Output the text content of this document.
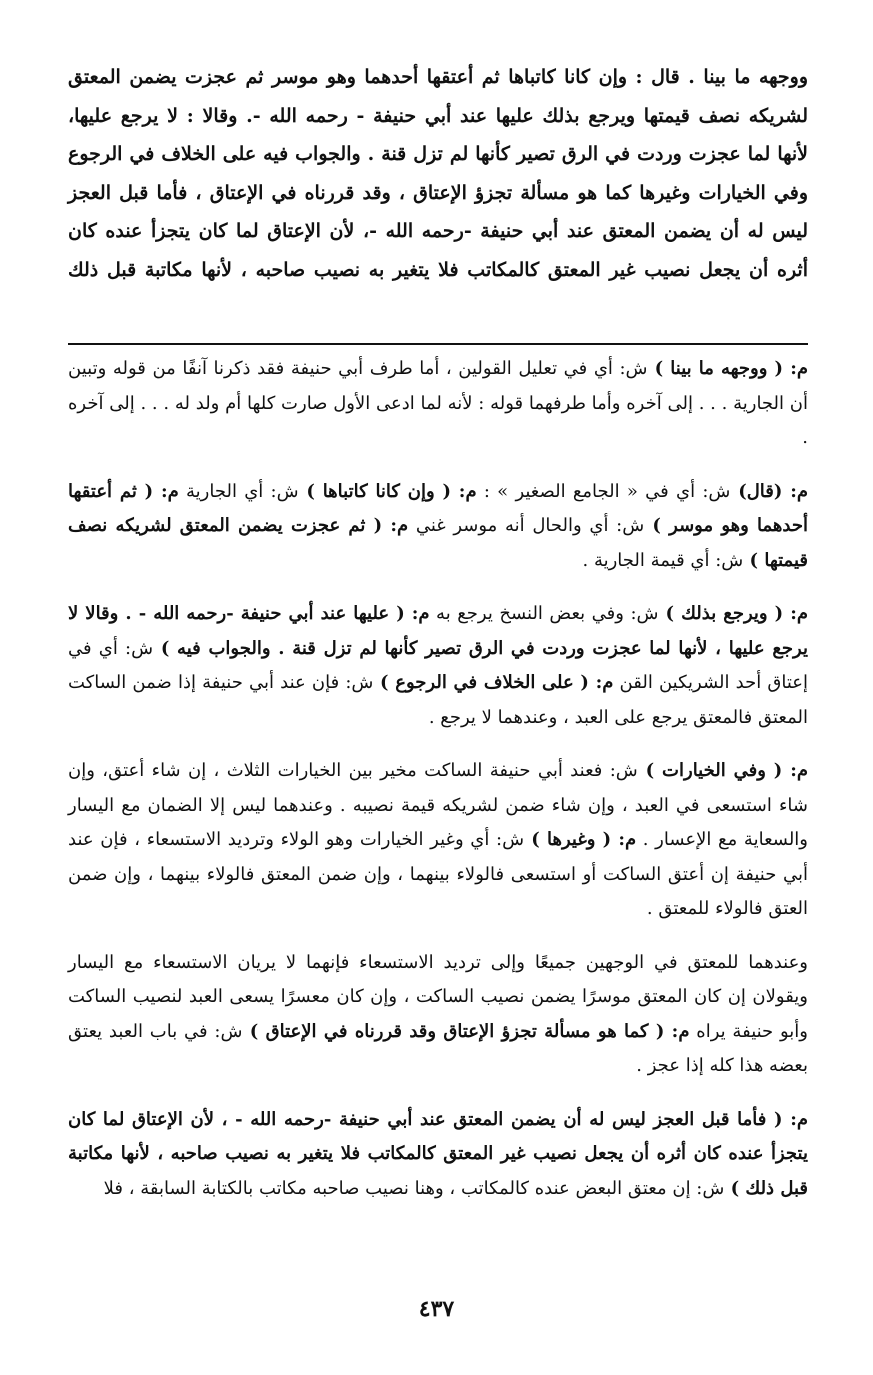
ووجهه ما بينا . قال : وإن كانا كاتباها ثم أعتقها أحدهما وهو موسر ثم عجزت يضمن المعتق لشريكه نصف قيمتها ويرجع بذلك عليها عند أبي حنيفة - رحمه الله -. وقالا : لا يرجع عليها، لأنها لما عجزت وردت في الرق تصير كأنها لم تزل قنة . والجواب فيه على الخلاف في الرجوع وفي الخيارات وغيرها كما هو مسألة تجزؤ الإعتاق ، وقد قررناه في الإعتاق ، فأما قبل العجز ليس له أن يضمن المعتق عند أبي حنيفة -رحمه الله -، لأن الإعتاق لما كان يتجزأ عنده كان أثره أن يجعل نصيب غير المعتق كالمكاتب فلا يتغير به نصيب صاحبه ، لأنها مكاتبة قبل ذلك

م: ( ووجهه ما بينا ) ش: أي في تعليل القولين ، أما طرف أبي حنيفة فقد ذكرنا آنفًا من قوله وتبين أن الجارية . . . إلى آخره وأما طرفهما قوله : لأنه لما ادعى الأول صارت كلها أم ولد له . . . إلى آخره .

م: (قال) ش: أي في « الجامع الصغير » : م: ( وإن كانا كاتباها ) ش: أي الجارية م: ( ثم أعتقها أحدهما وهو موسر ) ش: أي والحال أنه موسر غني م: ( ثم عجزت يضمن المعتق لشريكه نصف قيمتها ) ش: أي قيمة الجارية .

م: ( ويرجع بذلك ) ش: وفي بعض النسخ يرجع به م: ( عليها عند أبي حنيفة -رحمه الله - . وقالا لا يرجع عليها ، لأنها لما عجزت وردت في الرق تصير كأنها لم تزل قنة . والجواب فيه ) ش: أي في إعتاق أحد الشريكين القن م: ( على الخلاف في الرجوع ) ش: فإن عند أبي حنيفة إذا ضمن الساكت المعتق فالمعتق يرجع على العبد ، وعندهما لا يرجع .

م: ( وفي الخيارات ) ش: فعند أبي حنيفة الساكت مخير بين الخيارات الثلاث ، إن شاء أعتق، وإن شاء استسعى في العبد ، وإن شاء ضمن لشريكه قيمة نصيبه . وعندهما ليس إلا الضمان مع اليسار والسعاية مع الإعسار . م: ( وغيرها ) ش: أي وغير الخيارات وهو الولاء وترديد الاستسعاء ، فإن عند أبي حنيفة إن أعتق الساكت أو استسعى فالولاء بينهما ، وإن ضمن المعتق فالولاء بينهما ، وإن ضمن العتق فالولاء للمعتق .

وعندهما للمعتق في الوجهين جميعًا وإلى ترديد الاستسعاء فإنهما لا يريان الاستسعاء مع اليسار ويقولان إن كان المعتق موسرًا يضمن نصيب الساكت ، وإن كان معسرًا يسعى العبد لنصيب الساكت وأبو حنيفة يراه م: ( كما هو مسألة تجزؤ الإعتاق وقد قررناه في الإعتاق ) ش: في باب العبد يعتق بعضه هذا كله إذا عجز .

م: ( فأما قبل العجز ليس له أن يضمن المعتق عند أبي حنيفة -رحمه الله - ، لأن الإعتاق لما كان يتجزأ عنده كان أثره أن يجعل نصيب غير المعتق كالمكاتب فلا يتغير به نصيب صاحبه ، لأنها مكاتبة قبل ذلك ) ش: إن معتق البعض عنده كالمكاتب ، وهنا نصيب صاحبه مكاتب بالكتابة السابقة ، فلا

٤٣٧
